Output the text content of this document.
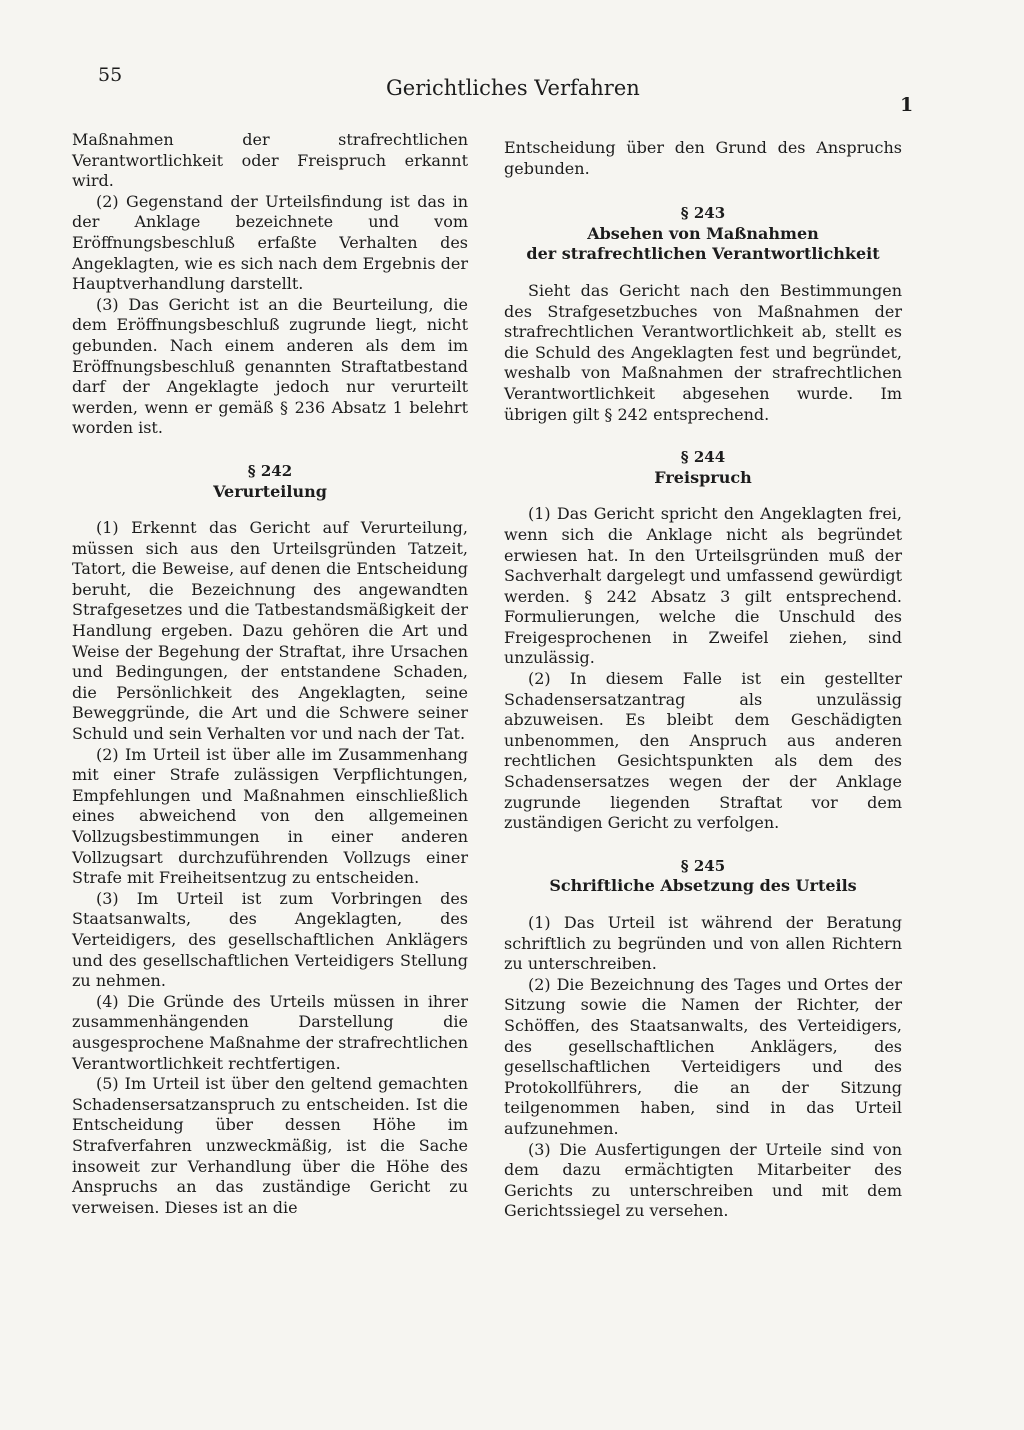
55
Gerichtliches Verfahren
1

Maßnahmen der strafrechtlichen Verantwortlichkeit oder Freispruch erkannt wird.

(2) Gegenstand der Urteilsfindung ist das in der Anklage bezeichnete und vom Eröffnungsbeschluß erfaßte Verhalten des Angeklagten, wie es sich nach dem Ergebnis der Hauptverhandlung darstellt.

(3) Das Gericht ist an die Beurteilung, die dem Eröffnungsbeschluß zugrunde liegt, nicht gebunden. Nach einem anderen als dem im Eröffnungsbeschluß genannten Straftatbestand darf der Angeklagte jedoch nur verurteilt werden, wenn er gemäß § 236 Absatz 1 belehrt worden ist.

§ 242
Verurteilung

(1) Erkennt das Gericht auf Verurteilung, müssen sich aus den Urteilsgründen Tatzeit, Tatort, die Beweise, auf denen die Entscheidung beruht, die Bezeichnung des angewandten Strafgesetzes und die Tatbestandsmäßigkeit der Handlung ergeben. Dazu gehören die Art und Weise der Begehung der Straftat, ihre Ursachen und Bedingungen, der entstandene Schaden, die Persönlichkeit des Angeklagten, seine Beweggründe, die Art und die Schwere seiner Schuld und sein Verhalten vor und nach der Tat.

(2) Im Urteil ist über alle im Zusammenhang mit einer Strafe zulässigen Verpflichtungen, Empfehlungen und Maßnahmen einschließlich eines abweichend von den allgemeinen Vollzugsbestimmungen in einer anderen Vollzugsart durchzuführenden Vollzugs einer Strafe mit Freiheitsentzug zu entscheiden.

(3) Im Urteil ist zum Vorbringen des Staatsanwalts, des Angeklagten, des Verteidigers, des gesellschaftlichen Anklägers und des gesellschaftlichen Verteidigers Stellung zu nehmen.

(4) Die Gründe des Urteils müssen in ihrer zusammenhängenden Darstellung die ausgesprochene Maßnahme der strafrechtlichen Verantwortlichkeit rechtfertigen.

(5) Im Urteil ist über den geltend gemachten Schadensersatzanspruch zu entscheiden. Ist die Entscheidung über dessen Höhe im Strafverfahren unzweckmäßig, ist die Sache insoweit zur Verhandlung über die Höhe des Anspruchs an das zuständige Gericht zu verweisen. Dieses ist an die

Entscheidung über den Grund des Anspruchs gebunden.

§ 243
Absehen von Maßnahmen
der strafrechtlichen Verantwortlichkeit

Sieht das Gericht nach den Bestimmungen des Strafgesetzbuches von Maßnahmen der strafrechtlichen Verantwortlichkeit ab, stellt es die Schuld des Angeklagten fest und begründet, weshalb von Maßnahmen der strafrechtlichen Verantwortlichkeit abgesehen wurde. Im übrigen gilt § 242 entsprechend.

§ 244
Freispruch

(1) Das Gericht spricht den Angeklagten frei, wenn sich die Anklage nicht als begründet erwiesen hat. In den Urteilsgründen muß der Sachverhalt dargelegt und umfassend gewürdigt werden. § 242 Absatz 3 gilt entsprechend. Formulierungen, welche die Unschuld des Freigesprochenen in Zweifel ziehen, sind unzulässig.

(2) In diesem Falle ist ein gestellter Schadensersatzantrag als unzulässig abzuweisen. Es bleibt dem Geschädigten unbenommen, den Anspruch aus anderen rechtlichen Gesichtspunkten als dem des Schadensersatzes wegen der der Anklage zugrunde liegenden Straftat vor dem zuständigen Gericht zu verfolgen.

§ 245
Schriftliche Absetzung des Urteils

(1) Das Urteil ist während der Beratung schriftlich zu begründen und von allen Richtern zu unterschreiben.

(2) Die Bezeichnung des Tages und Ortes der Sitzung sowie die Namen der Richter, der Schöffen, des Staatsanwalts, des Verteidigers, des gesellschaftlichen Anklägers, des gesellschaftlichen Verteidigers und des Protokollführers, die an der Sitzung teilgenommen haben, sind in das Urteil aufzunehmen.

(3) Die Ausfertigungen der Urteile sind von dem dazu ermächtigten Mitarbeiter des Gerichts zu unterschreiben und mit dem Gerichtssiegel zu versehen.
